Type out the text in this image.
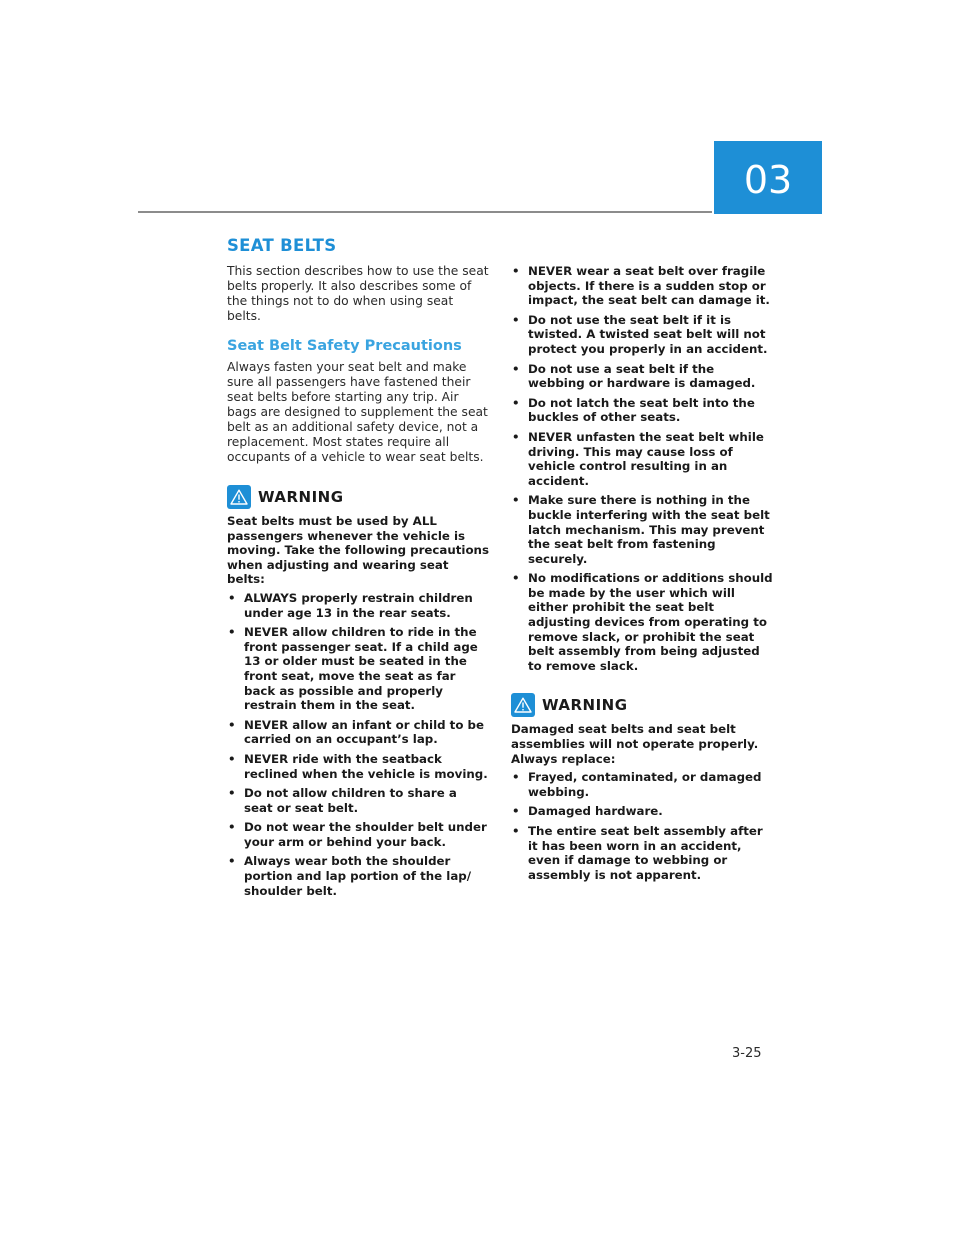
03
SEAT BELTS

This section describes how to use the seat belts properly. It also describes some of the things not to do when using seat belts.

Seat Belt Safety Precautions

Always fasten your seat belt and make sure all passengers have fastened their seat belts before starting any trip. Air bags are designed to supplement the seat belt as an additional safety device, not a replacement. Most states require all occupants of a vehicle to wear seat belts.

WARNING

Seat belts must be used by ALL passengers whenever the vehicle is moving. Take the following precautions when adjusting and wearing seat belts:

• ALWAYS properly restrain children under age 13 in the rear seats.
• NEVER allow children to ride in the front passenger seat. If a child age 13 or older must be seated in the front seat, move the seat as far back as possible and properly restrain them in the seat.
• NEVER allow an infant or child to be carried on an occupant’s lap.
• NEVER ride with the seatback reclined when the vehicle is moving.
• Do not allow children to share a seat or seat belt.
• Do not wear the shoulder belt under your arm or behind your back.
• Always wear both the shoulder portion and lap portion of the lap/ shoulder belt.
• NEVER wear a seat belt over fragile objects. If there is a sudden stop or impact, the seat belt can damage it.
• Do not use the seat belt if it is twisted. A twisted seat belt will not protect you properly in an accident.
• Do not use a seat belt if the webbing or hardware is damaged.
• Do not latch the seat belt into the buckles of other seats.
• NEVER unfasten the seat belt while driving. This may cause loss of vehicle control resulting in an accident.
• Make sure there is nothing in the buckle interfering with the seat belt latch mechanism. This may prevent the seat belt from fastening securely.
• No modifications or additions should be made by the user which will either prohibit the seat belt adjusting devices from operating to remove slack, or prohibit the seat belt assembly from being adjusted to remove slack.
WARNING

Damaged seat belts and seat belt assemblies will not operate properly. Always replace:

• Frayed, contaminated, or damaged webbing.
• Damaged hardware.
• The entire seat belt assembly after it has been worn in an accident, even if damage to webbing or assembly is not apparent.
3-25
